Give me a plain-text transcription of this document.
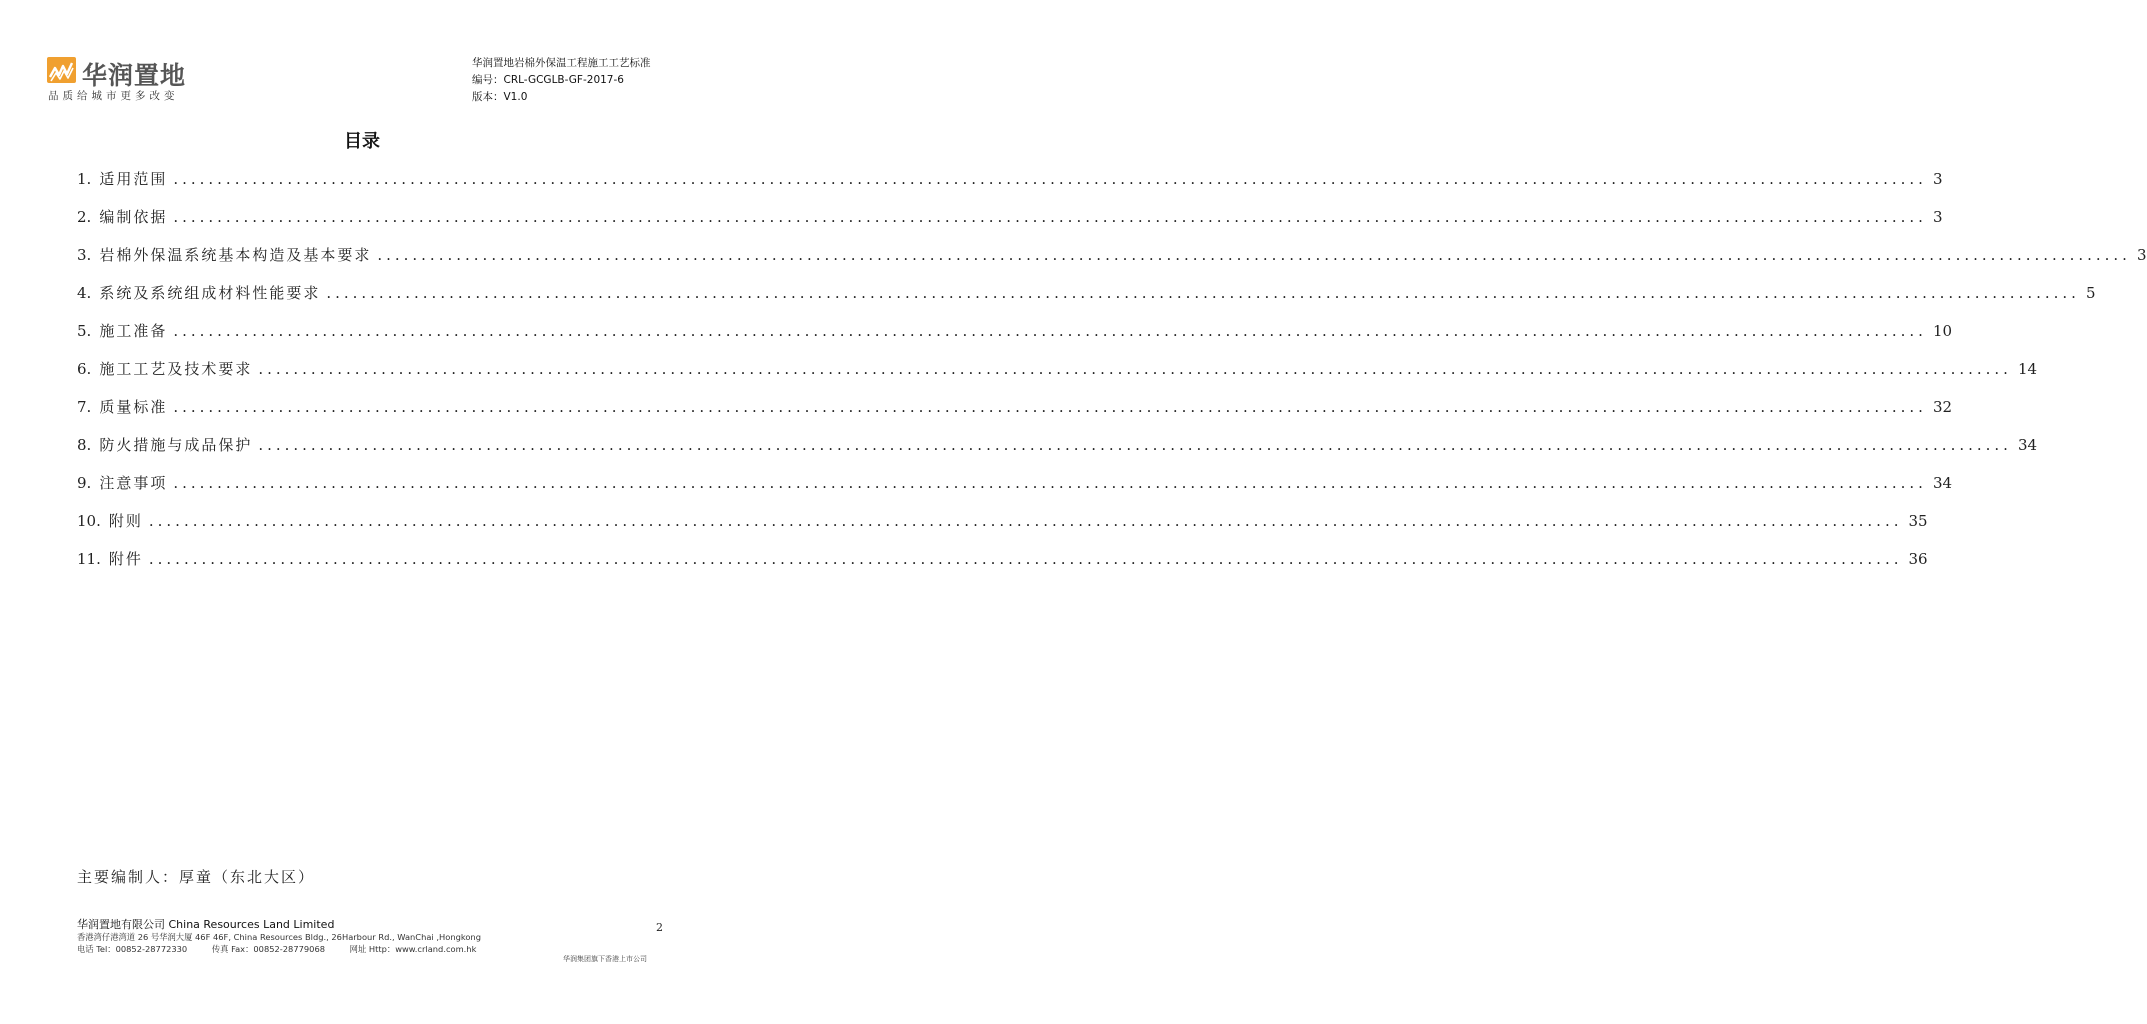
华润置地
品质给城市更多改变
华润置地岩棉外保温工程施工工艺标准
编号：CRL-GCGLB-GF-2017-6
版本：V1.0
目录
1. 适用范围 ........................................................................................................................................................................................................ 3
2. 编制依据 ........................................................................................................................................................................................................ 3
3. 岩棉外保温系统基本构造及基本要求 ........................................................................................................................................................................................................ 3
4. 系统及系统组成材料性能要求 ........................................................................................................................................................................................................ 5
5. 施工准备 ........................................................................................................................................................................................................ 10
6. 施工工艺及技术要求 ........................................................................................................................................................................................................ 14
7. 质量标准 ........................................................................................................................................................................................................ 32
8. 防火措施与成品保护 ........................................................................................................................................................................................................ 34
9. 注意事项 ........................................................................................................................................................................................................ 34
10. 附则 ........................................................................................................................................................................................................ 35
11. 附件 ........................................................................................................................................................................................................ 36
主要编制人：厚童（东北大区）
华润置地有限公司 China Resources Land Limited
香港湾仔港湾道 26 号华润大厦 46F 46F, China Resources Bldg., 26Harbour Rd., WanChai ,Hongkong
电话 Tel：00852-28772330	传真 Fax：00852-28779068	网址 Http：www.crland.com.hk
2
华润集团旗下香港上市公司
